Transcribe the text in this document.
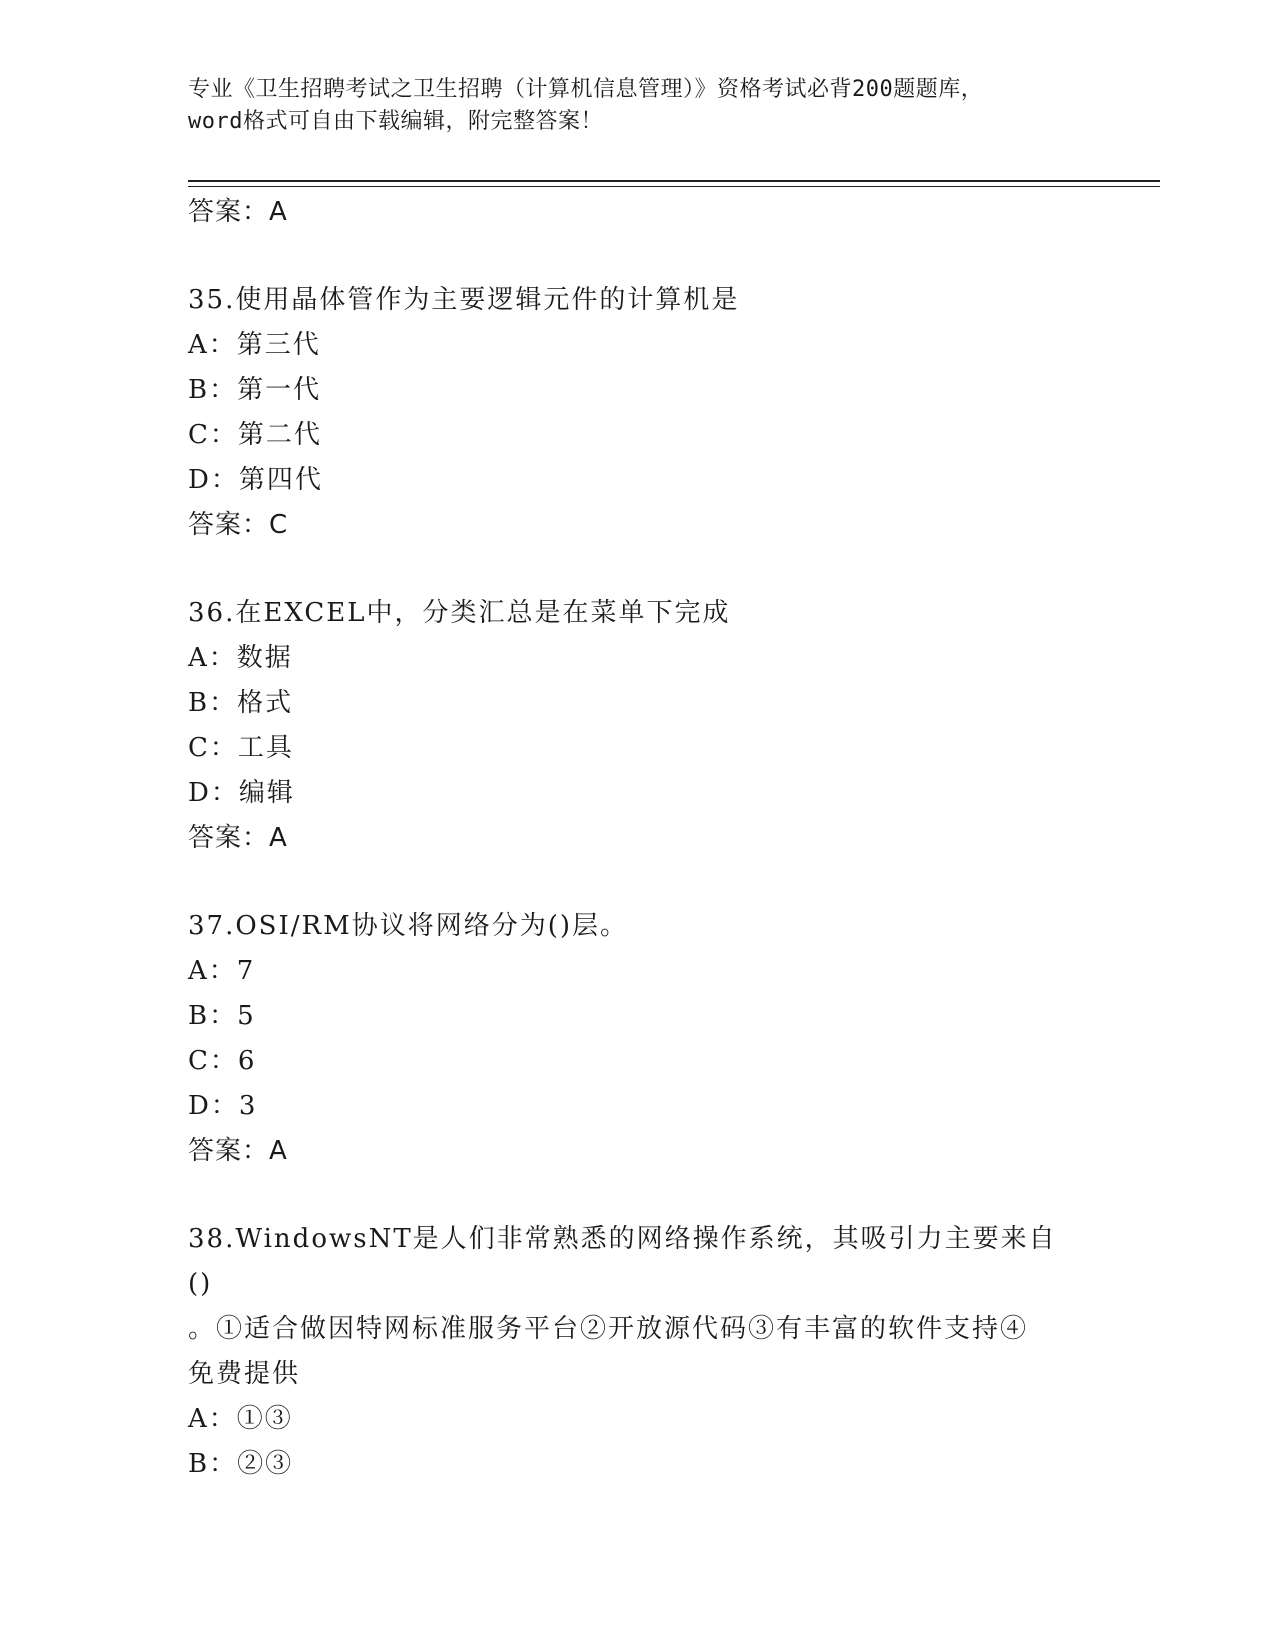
专业《卫生招聘考试之卫生招聘（计算机信息管理）》资格考试必背200题题库，
word格式可自由下载编辑，附完整答案！
答案：A
35.使用晶体管作为主要逻辑元件的计算机是
A：第三代
B：第一代
C：第二代
D：第四代
答案：C
36.在EXCEL中，分类汇总是在菜单下完成
A：数据
B：格式
C：工具
D：编辑
答案：A
37.OSI/RM协议将网络分为()层。
A：7
B：5
C：6
D：3
答案：A
38.WindowsNT是人们非常熟悉的网络操作系统，其吸引力主要来自()
。①适合做因特网标准服务平台②开放源代码③有丰富的软件支持④
免费提供
A：①③
B：②③
